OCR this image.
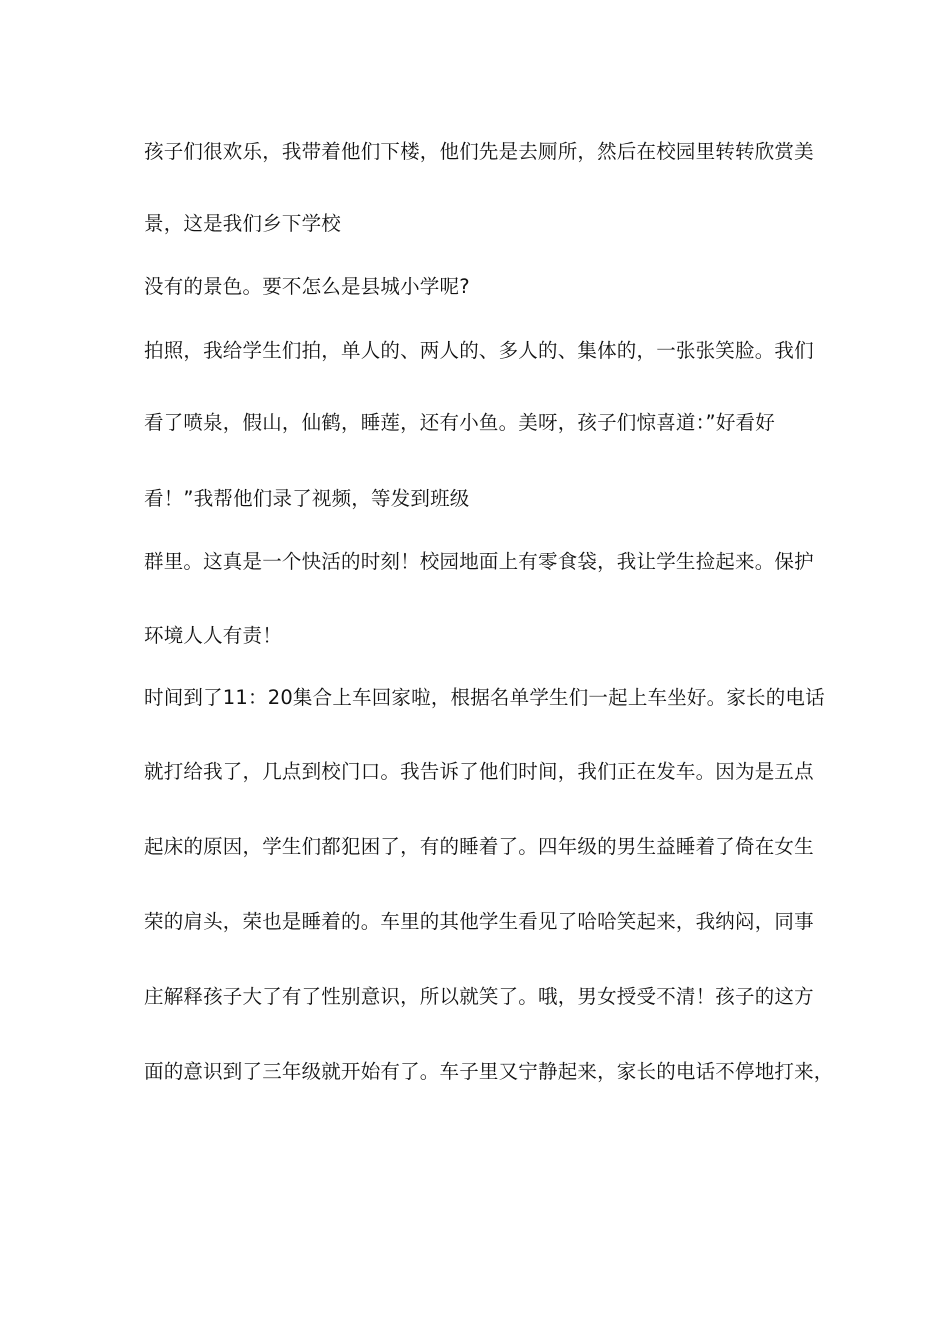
孩子们很欢乐，我带着他们下楼，他们先是去厕所，然后在校园里转转欣赏美
景，这是我们乡下学校
没有的景色。要不怎么是县城小学呢?
拍照，我给学生们拍，单人的、两人的、多人的、集体的，一张张笑脸。我们
看了喷泉，假山，仙鹤，睡莲，还有小鱼。美呀，孩子们惊喜道：”好看好
看！”我帮他们录了视频，等发到班级
群里。这真是一个快活的时刻！校园地面上有零食袋，我让学生捡起来。保护
环境人人有责！
时间到了11：20集合上车回家啦，根据名单学生们一起上车坐好。家长的电话
就打给我了，几点到校门口。我告诉了他们时间，我们正在发车。因为是五点
起床的原因，学生们都犯困了，有的睡着了。四年级的男生益睡着了倚在女生
荣的肩头，荣也是睡着的。车里的其他学生看见了哈哈笑起来，我纳闷，同事
庄解释孩子大了有了性别意识，所以就笑了。哦，男女授受不清！孩子的这方
面的意识到了三年级就开始有了。车子里又宁静起来，家长的电话不停地打来，
